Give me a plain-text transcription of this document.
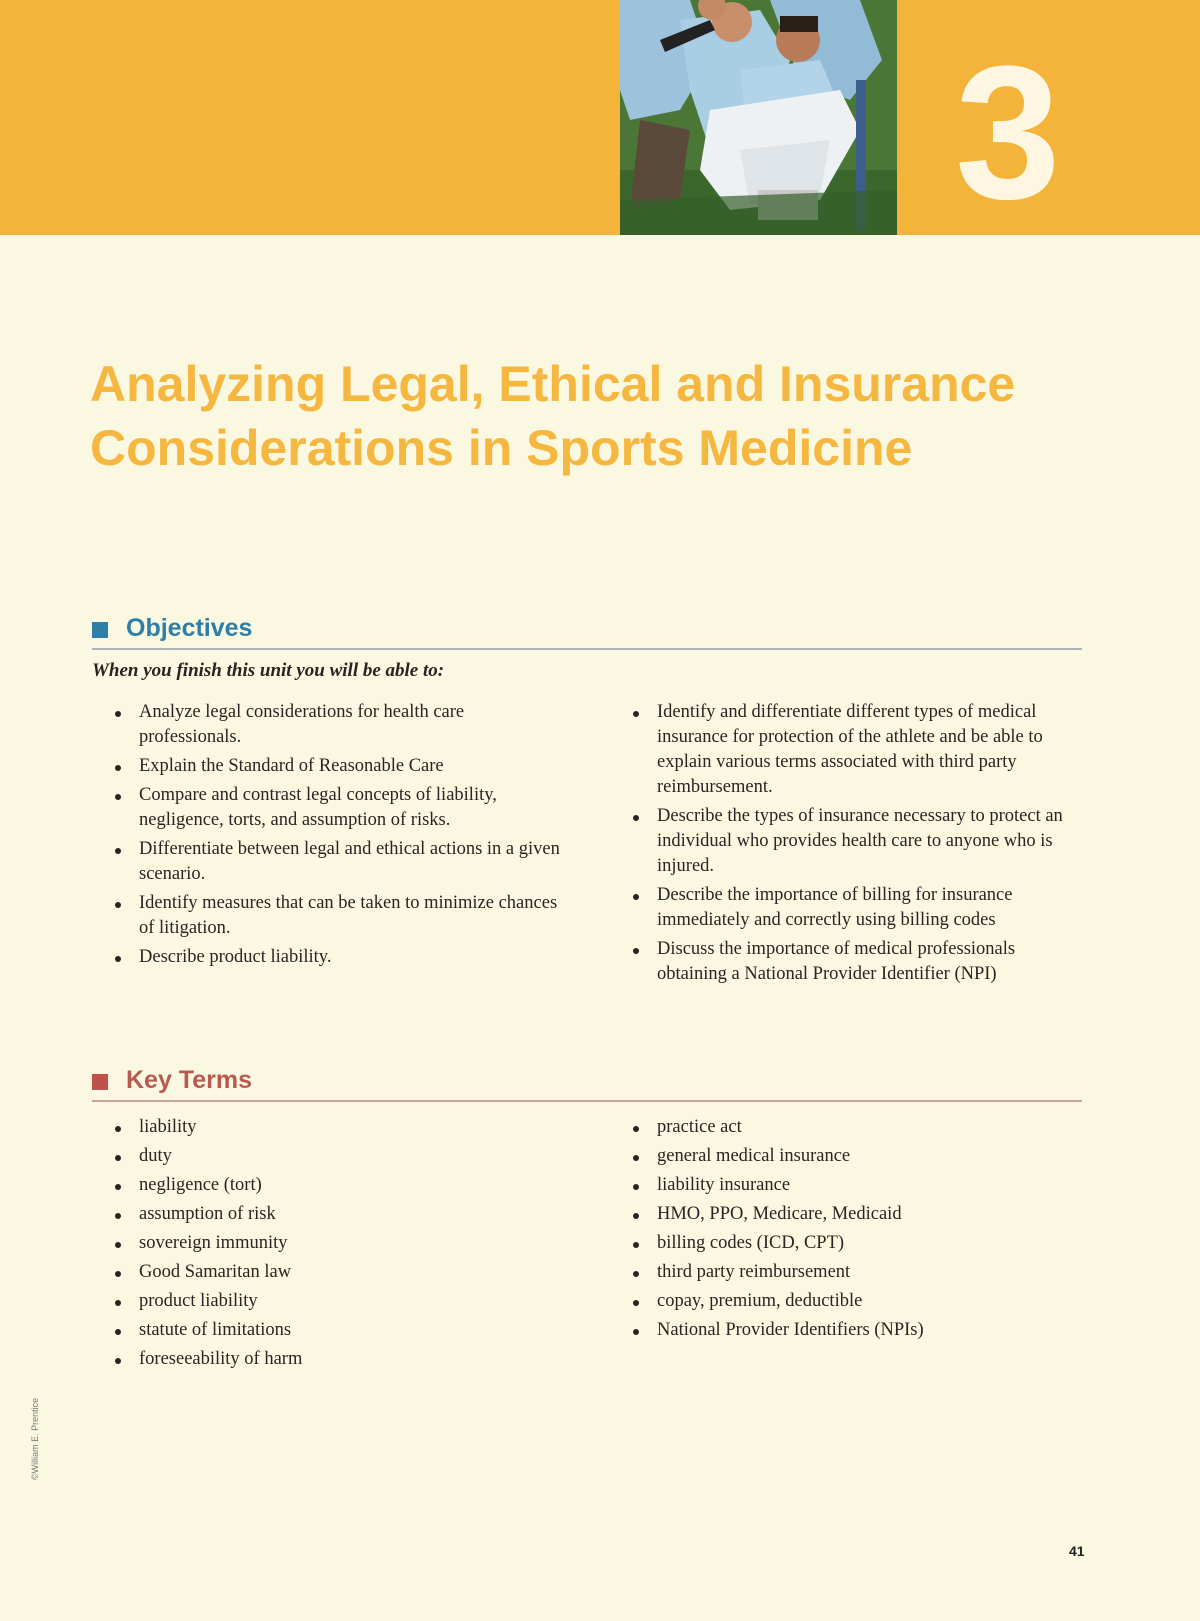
3
Analyzing Legal, Ethical and Insurance Considerations in Sports Medicine
Objectives
When you finish this unit you will be able to:
Analyze legal considerations for health care professionals.
Explain the Standard of Reasonable Care
Compare and contrast legal concepts of liability, negligence, torts, and assumption of risks.
Differentiate between legal and ethical actions in a given scenario.
Identify measures that can be taken to minimize chances of litigation.
Describe product liability.
Identify and differentiate different types of medical insurance for protection of the athlete and be able to explain various terms associated with third party reimbursement.
Describe the types of insurance necessary to protect an individual who provides health care to anyone who is injured.
Describe the importance of billing for insurance immediately and correctly using billing codes
Discuss the importance of medical professionals obtaining a National Provider Identifier (NPI)
Key Terms
liability
duty
negligence (tort)
assumption of risk
sovereign immunity
Good Samaritan law
product liability
statute of limitations
foreseeability of harm
practice act
general medical insurance
liability insurance
HMO, PPO, Medicare, Medicaid
billing codes (ICD, CPT)
third party reimbursement
copay, premium, deductible
National Provider Identifiers (NPIs)
©William E. Prentice
41
